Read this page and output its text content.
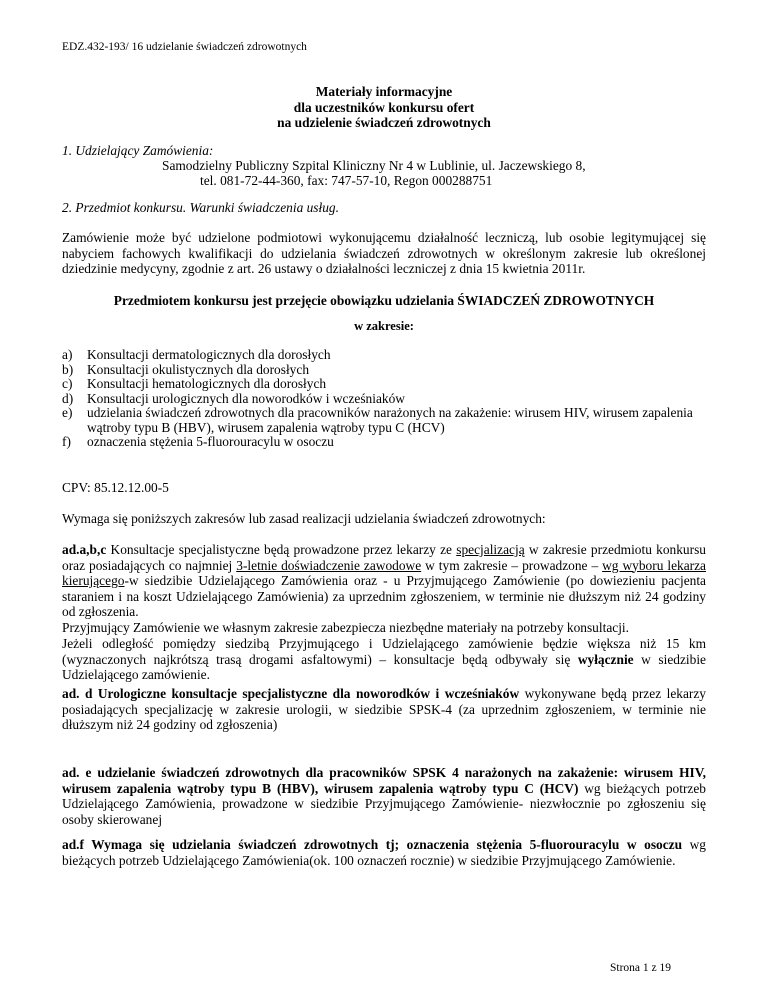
EDZ.432-193/ 16 udzielanie świadczeń zdrowotnych
Materiały informacyjne
dla uczestników konkursu ofert
na udzielenie świadczeń zdrowotnych
1. Udzielający Zamówienia:
Samodzielny Publiczny Szpital Kliniczny Nr 4 w Lublinie, ul. Jaczewskiego 8,
tel. 081-72-44-360, fax: 747-57-10, Regon 000288751
2. Przedmiot konkursu. Warunki świadczenia usług.
Zamówienie może być udzielone podmiotowi wykonującemu działalność leczniczą, lub osobie legitymującej się nabyciem fachowych kwalifikacji do udzielania świadczeń zdrowotnych w określonym zakresie lub określonej dziedzinie medycyny, zgodnie z art. 26 ustawy o działalności leczniczej z dnia 15 kwietnia 2011r.
Przedmiotem konkursu jest przejęcie obowiązku udzielania ŚWIADCZEŃ ZDROWOTNYCH
w zakresie:
a) Konsultacji dermatologicznych dla dorosłych
b) Konsultacji okulistycznych dla dorosłych
c) Konsultacji hematologicznych dla dorosłych
d) Konsultacji urologicznych dla noworodków i wcześniaków
e) udzielania świadczeń zdrowotnych dla pracowników narażonych na zakażenie: wirusem HIV, wirusem zapalenia wątroby typu B (HBV), wirusem zapalenia wątroby typu C (HCV)
f) oznaczenia stężenia 5-fluorouracylu w osoczu
CPV: 85.12.12.00-5
Wymaga się poniższych zakresów lub zasad realizacji udzielania świadczeń zdrowotnych:
ad.a,b,c Konsultacje specjalistyczne będą prowadzone przez lekarzy ze specjalizacją w zakresie przedmiotu konkursu oraz posiadających co najmniej 3-letnie doświadczenie zawodowe w tym zakresie – prowadzone – wg wyboru lekarza kierującego-w siedzibie Udzielającego Zamówienia oraz - u Przyjmującego Zamówienie (po dowiezieniu pacjenta staraniem i na koszt Udzielającego Zamówienia) za uprzednim zgłoszeniem, w terminie nie dłuższym niż 24 godziny od zgłoszenia.
Przyjmujący Zamówienie we własnym zakresie zabezpiecza niezbędne materiały na potrzeby konsultacji.
Jeżeli odległość pomiędzy siedzibą Przyjmującego i Udzielającego zamówienie będzie większa niż 15 km (wyznaczonych najkrótszą trasą drogami asfaltowymi) – konsultacje będą odbywały się wyłącznie w siedzibie Udzielającego zamówienie.
ad. d Urologiczne konsultacje specjalistyczne dla noworodków i wcześniaków wykonywane będą przez lekarzy posiadających specjalizację w zakresie urologii, w siedzibie SPSK-4 (za uprzednim zgłoszeniem, w terminie nie dłuższym niż 24 godziny od zgłoszenia)
ad. e udzielanie świadczeń zdrowotnych dla pracowników SPSK 4 narażonych na zakażenie: wirusem HIV, wirusem zapalenia wątroby typu B (HBV), wirusem zapalenia wątroby typu C (HCV) wg bieżących potrzeb Udzielającego Zamówienia, prowadzone w siedzibie Przyjmującego Zamówienie- niezwłocznie po zgłoszeniu się osoby skierowanej
ad.f Wymaga się udzielania świadczeń zdrowotnych tj; oznaczenia stężenia 5-fluorouracylu w osoczu wg bieżących potrzeb Udzielającego Zamówienia(ok. 100 oznaczeń rocznie) w siedzibie Przyjmującego Zamówienie.
Strona 1 z 19
